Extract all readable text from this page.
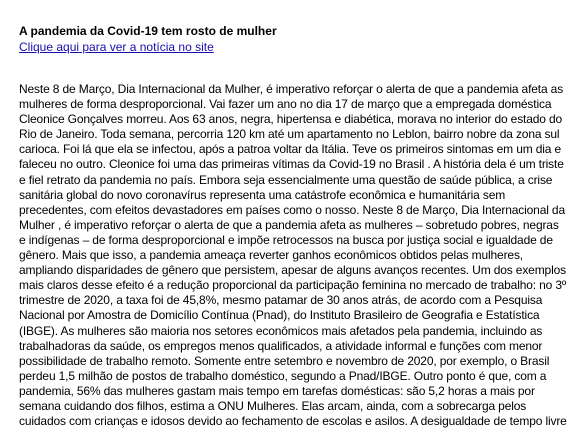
A pandemia da Covid-19 tem rosto de mulher
Clique aqui para ver a notícia no site
Neste 8 de Março, Dia Internacional da Mulher, é imperativo reforçar o alerta de que a pandemia afeta as
mulheres de forma desproporcional. Vai fazer um ano no dia 17 de março que a empregada doméstica
Cleonice Gonçalves morreu. Aos 63 anos, negra, hipertensa e diabética, morava no interior do estado do
Rio de Janeiro. Toda semana, percorria 120 km até um apartamento no Leblon, bairro nobre da zona sul
carioca. Foi lá que ela se infectou, após a patroa voltar da Itália. Teve os primeiros sintomas em um dia e
faleceu no outro. Cleonice foi uma das primeiras vítimas da Covid-19 no Brasil . A história dela é um triste
e fiel retrato da pandemia no país. Embora seja essencialmente uma questão de saúde pública, a crise
sanitária global do novo coronavírus representa uma catástrofe econômica e humanitária sem
precedentes, com efeitos devastadores em países como o nosso. Neste 8 de Março, Dia Internacional da
Mulher , é imperativo reforçar o alerta de que a pandemia afeta as mulheres – sobretudo pobres, negras
e indígenas – de forma desproporcional e impõe retrocessos na busca por justiça social e igualdade de
gênero. Mais que isso, a pandemia ameaça reverter ganhos econômicos obtidos pelas mulheres,
ampliando disparidades de gênero que persistem, apesar de alguns avanços recentes. Um dos exemplos
mais claros desse efeito é a redução proporcional da participação feminina no mercado de trabalho: no 3º
trimestre de 2020, a taxa foi de 45,8%, mesmo patamar de 30 anos atrás, de acordo com a Pesquisa
Nacional por Amostra de Domicílio Contínua (Pnad), do Instituto Brasileiro de Geografia e Estatística
(IBGE). As mulheres são maioria nos setores econômicos mais afetados pela pandemia, incluindo as
trabalhadoras da saúde, os empregos menos qualificados, a atividade informal e funções com menor
possibilidade de trabalho remoto. Somente entre setembro e novembro de 2020, por exemplo, o Brasil
perdeu 1,5 milhão de postos de trabalho doméstico, segundo a Pnad/IBGE. Outro ponto é que, com a
pandemia, 56% das mulheres gastam mais tempo em tarefas domésticas: são 5,2 horas a mais por
semana cuidando dos filhos, estima a ONU Mulheres. Elas arcam, ainda, com a sobrecarga pelos
cuidados com crianças e idosos devido ao fechamento de escolas e asilos. A desigualdade de tempo livre
